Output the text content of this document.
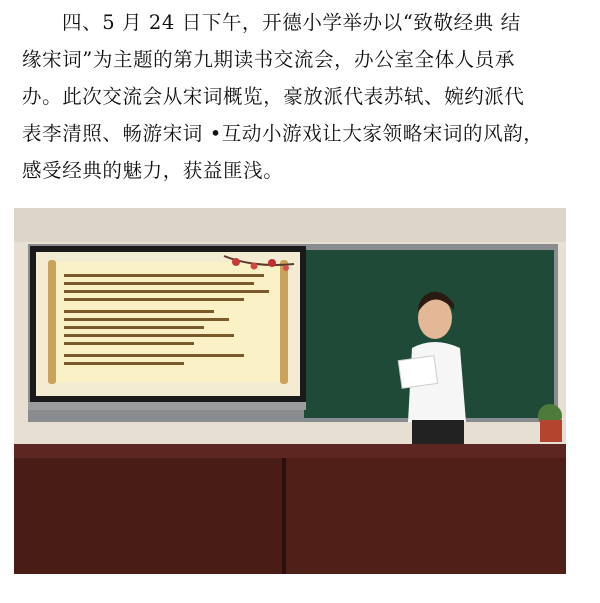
四、5 月 24 日下午，开德小学举办以“致敬经典 结
缘宋词”为主题的第九期读书交流会，办公室全体人员承
办。此次交流会从宋词概览，豪放派代表苏轼、婉约派代
表李清照、畅游宋词 •互动小游戏让大家领略宋词的风韵，
感受经典的魅力，获益匪浅。
